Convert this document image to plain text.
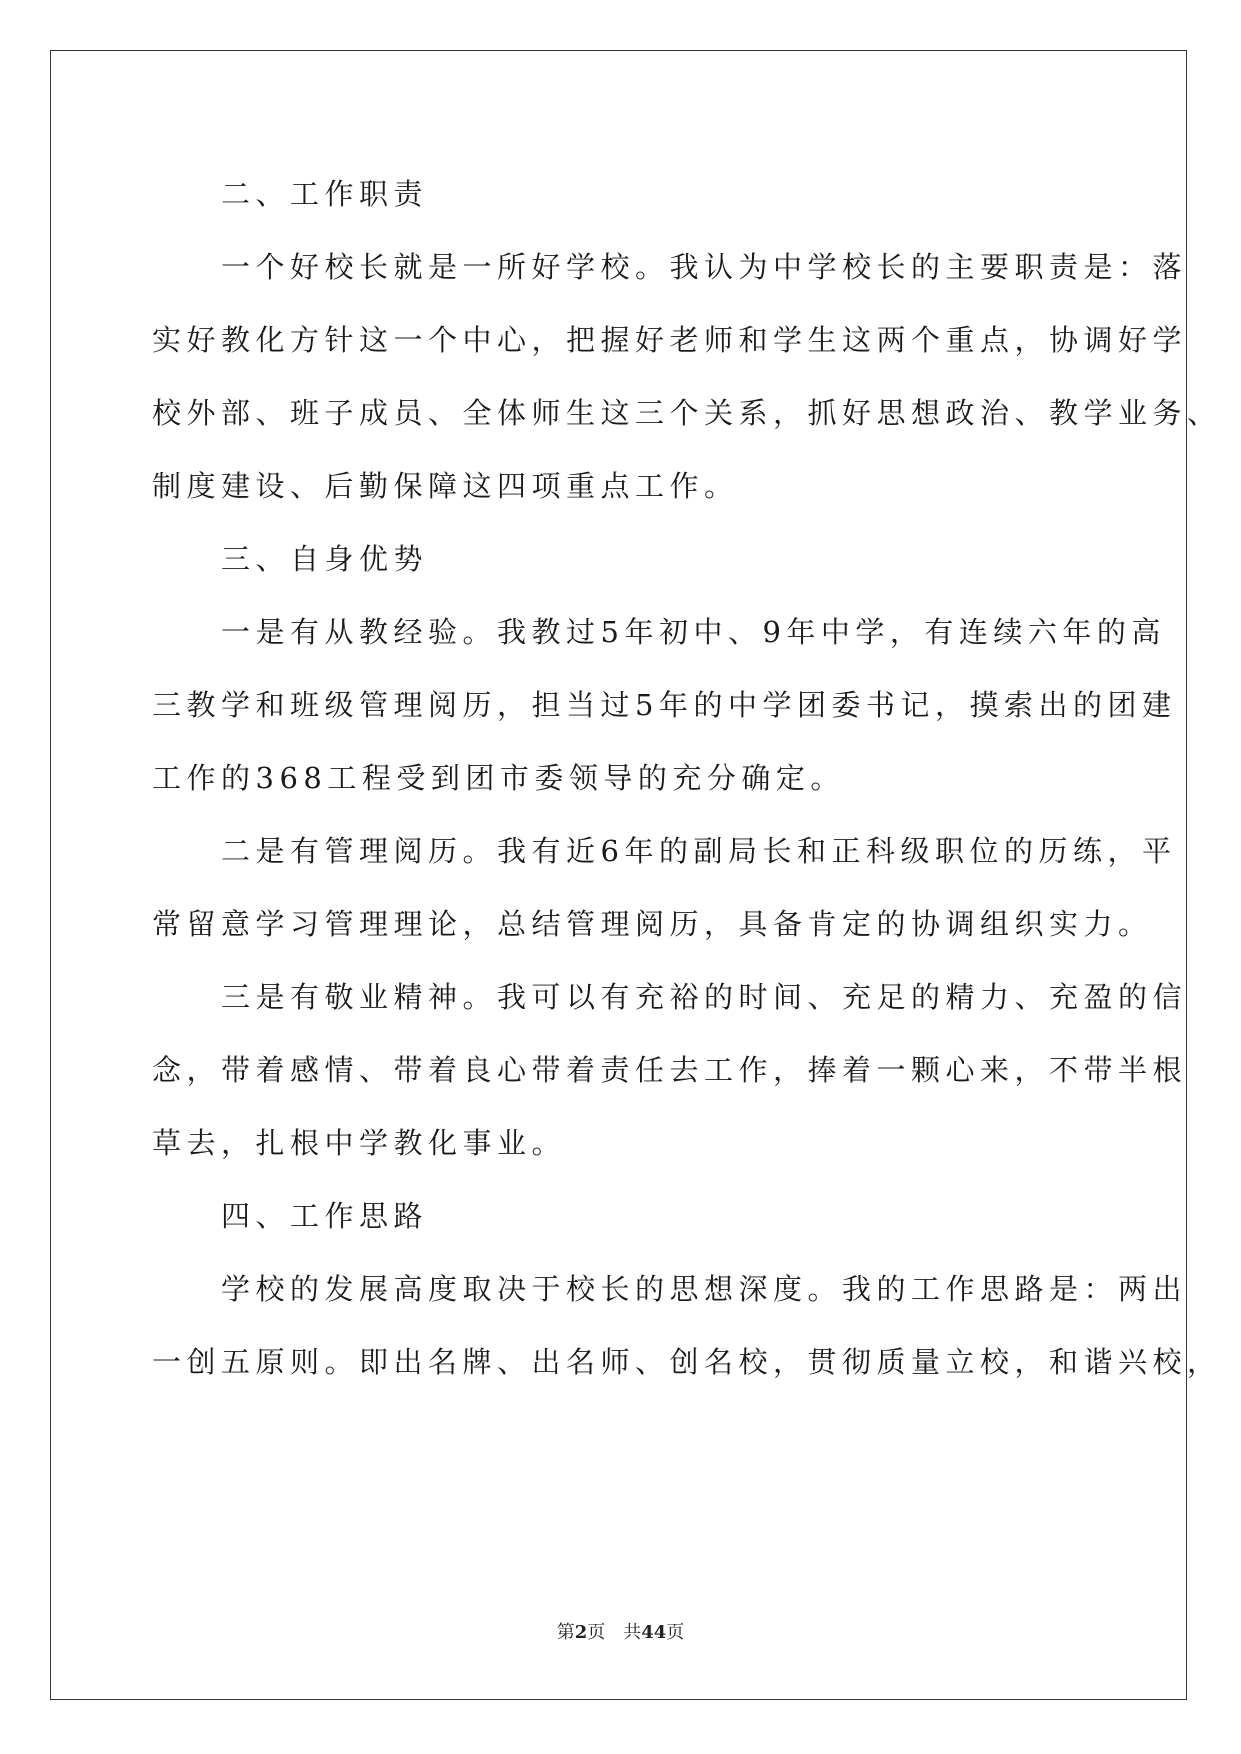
　　二、工作职责

　　一个好校长就是一所好学校。我认为中学校长的主要职责是：落

实好教化方针这一个中心，把握好老师和学生这两个重点，协调好学

校外部、班子成员、全体师生这三个关系，抓好思想政治、教学业务、

制度建设、后勤保障这四项重点工作。

　　三、自身优势

　　一是有从教经验。我教过5年初中、9年中学，有连续六年的高

三教学和班级管理阅历，担当过5年的中学团委书记，摸索出的团建

工作的368工程受到团市委领导的充分确定。

　　二是有管理阅历。我有近6年的副局长和正科级职位的历练，平

常留意学习管理理论，总结管理阅历，具备肯定的协调组织实力。

　　三是有敬业精神。我可以有充裕的时间、充足的精力、充盈的信

念，带着感情、带着良心带着责任去工作，捧着一颗心来，不带半根

草去，扎根中学教化事业。

　　四、工作思路

　　学校的发展高度取决于校长的思想深度。我的工作思路是：两出

一创五原则。即出名牌、出名师、创名校，贯彻质量立校，和谐兴校，

第2页　共44页
